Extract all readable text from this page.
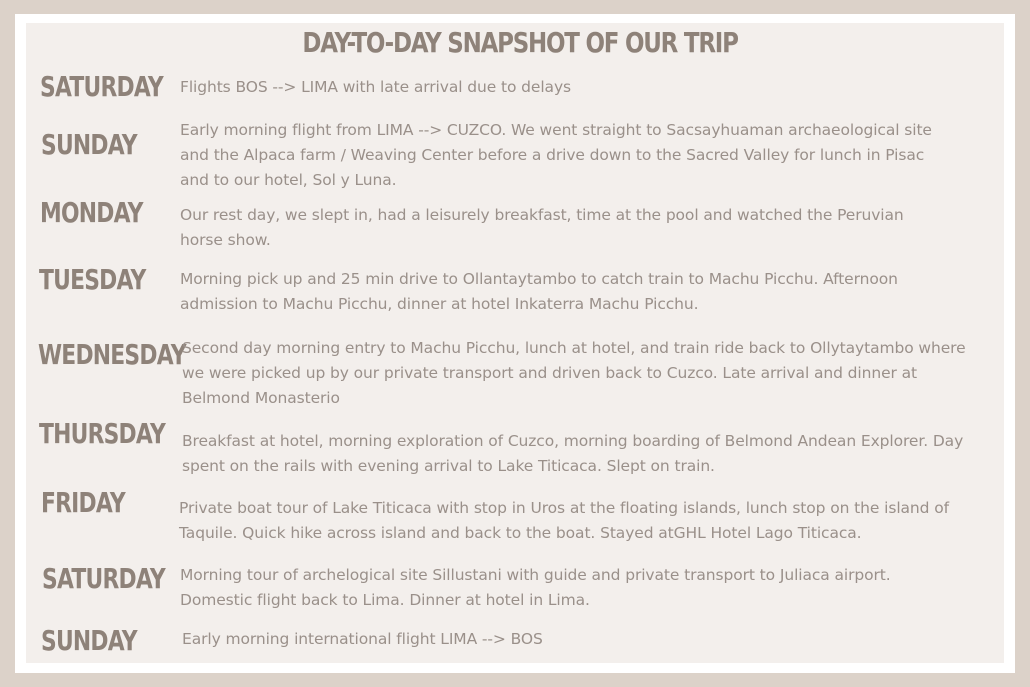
DAY-TO-DAY SNAPSHOT OF OUR TRIP
SATURDAY Flights BOS --> LIMA with late arrival due to delays
SUNDAY	Early morning flight from LIMA --> CUZCO. We went straight to Sacsayhuaman archaeological site and the Alpaca farm / Weaving Center before a drive down to the Sacred Valley for lunch in Pisac and to our hotel, Sol y Luna.
MONDAY Our rest day, we slept in, had a leisurely breakfast, time at the pool and watched the Peruvian horse show.
TUESDAY Morning pick up and 25 min drive to Ollantaytambo to catch train to Machu Picchu. Afternoon admission to Machu Picchu, dinner at hotel Inkaterra Machu Picchu.
WEDNESDAY
Second day morning entry to Machu Picchu, lunch at hotel, and train ride back to Ollytaytambo where we were picked up by our private transport and driven back to Cuzco. Late arrival and dinner at Belmond Monasterio
THURSDAY Breakfast at hotel, morning exploration of Cuzco, morning boarding of Belmond Andean Explorer. Day spent on the rails with evening arrival to Lake Titicaca. Slept on train.
FRIDAY	Private boat tour of Lake Titicaca with stop in Uros at the floating islands, lunch stop on the island of Taquile. Quick hike across island and back to the boat. Stayed atGHL Hotel Lago Titicaca.
SATURDAY Morning tour of archelogical site Sillustani with guide and private transport to Juliaca airport. Domestic flight back to Lima. Dinner at hotel in Lima.
SUNDAY	Early morning international flight LIMA --> BOS
